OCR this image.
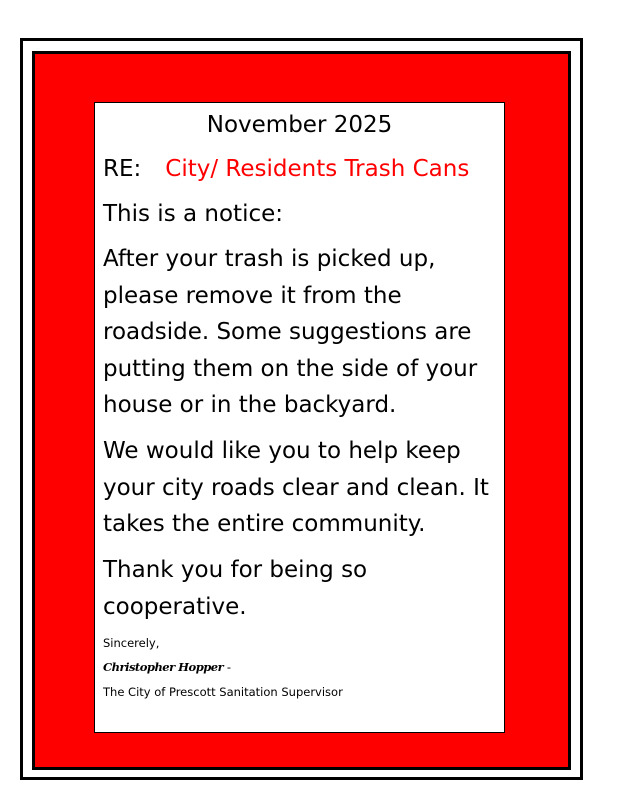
November 2025
RE: City/ Residents Trash Cans
This is a notice:
After your trash is picked up,
please remove it from the
roadside. Some suggestions are
putting them on the side of your
house or in the backyard.
We would like you to help keep
your city roads clear and clean. It
takes the entire community.
Thank you for being so
cooperative.
Sincerely,
Christopher Hopper -
The City of Prescott Sanitation Supervisor
